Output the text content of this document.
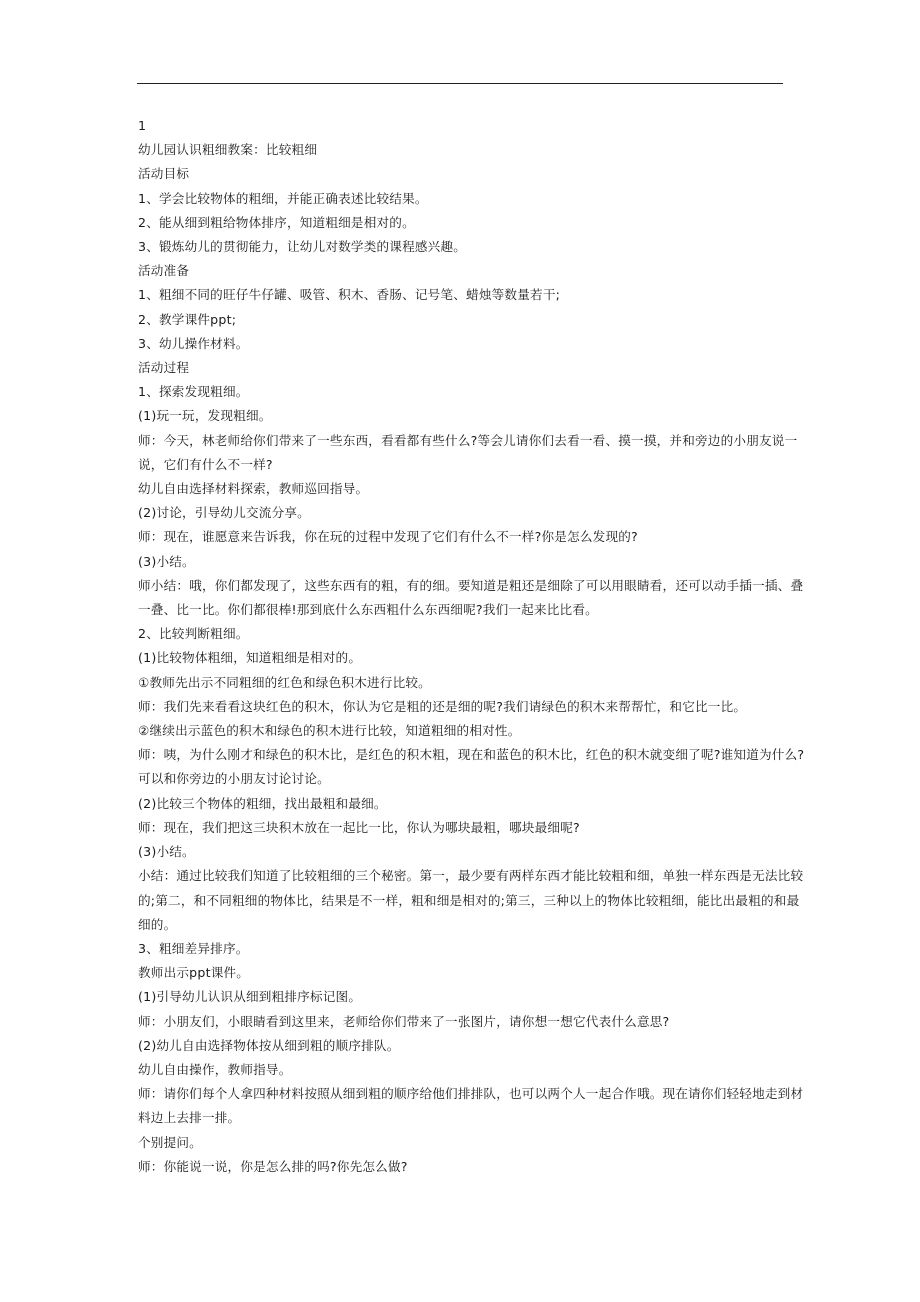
1
幼儿园认识粗细教案：比较粗细
活动目标
1、学会比较物体的粗细，并能正确表述比较结果。
2、能从细到粗给物体排序，知道粗细是相对的。
3、锻炼幼儿的贯彻能力，让幼儿对数学类的课程感兴趣。
活动准备
1、粗细不同的旺仔牛仔罐、吸管、积木、香肠、记号笔、蜡烛等数量若干;
2、教学课件ppt;
3、幼儿操作材料。
活动过程
1、探索发现粗细。
(1)玩一玩，发现粗细。
师：今天，林老师给你们带来了一些东西，看看都有些什么?等会儿请你们去看一看、摸一摸，并和旁边的小朋友说一
说，它们有什么不一样?
幼儿自由选择材料探索，教师巡回指导。
(2)讨论，引导幼儿交流分享。
师：现在，谁愿意来告诉我，你在玩的过程中发现了它们有什么不一样?你是怎么发现的?
(3)小结。
师小结：哦，你们都发现了，这些东西有的粗，有的细。要知道是粗还是细除了可以用眼睛看，还可以动手插一插、叠
一叠、比一比。你们都很棒!那到底什么东西粗什么东西细呢?我们一起来比比看。
2、比较判断粗细。
(1)比较物体粗细，知道粗细是相对的。
①教师先出示不同粗细的红色和绿色积木进行比较。
师：我们先来看看这块红色的积木，你认为它是粗的还是细的呢?我们请绿色的积木来帮帮忙，和它比一比。
②继续出示蓝色的积木和绿色的积木进行比较，知道粗细的相对性。
师：咦，为什么刚才和绿色的积木比，是红色的积木粗，现在和蓝色的积木比，红色的积木就变细了呢?谁知道为什么?
可以和你旁边的小朋友讨论讨论。
(2)比较三个物体的粗细，找出最粗和最细。
师：现在，我们把这三块积木放在一起比一比，你认为哪块最粗，哪块最细呢?
(3)小结。
小结：通过比较我们知道了比较粗细的三个秘密。第一，最少要有两样东西才能比较粗和细，单独一样东西是无法比较
的;第二，和不同粗细的物体比，结果是不一样，粗和细是相对的;第三，三种以上的物体比较粗细，能比出最粗的和最
细的。
3、粗细差异排序。
教师出示ppt课件。
(1)引导幼儿认识从细到粗排序标记图。
师：小朋友们，小眼睛看到这里来，老师给你们带来了一张图片，请你想一想它代表什么意思?
(2)幼儿自由选择物体按从细到粗的顺序排队。
幼儿自由操作，教师指导。
师：请你们每个人拿四种材料按照从细到粗的顺序给他们排排队，也可以两个人一起合作哦。现在请你们轻轻地走到材
料边上去排一排。
个别提问。
师：你能说一说，你是怎么排的吗?你先怎么做?
